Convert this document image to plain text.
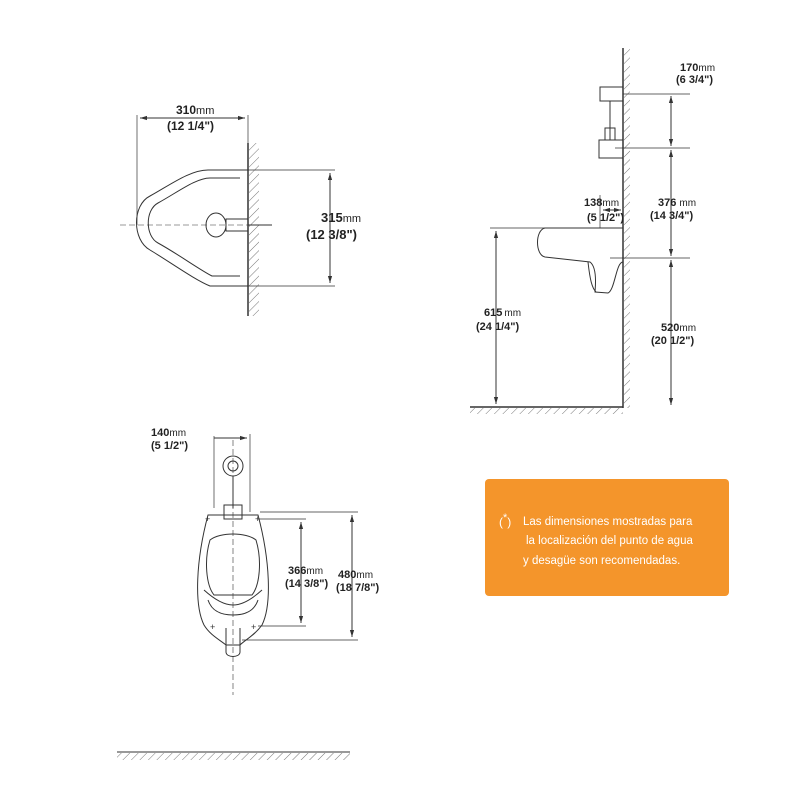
310mm
(12 1/4")
315mm
(12 3/8")
170mm
(6 3/4")
138mm
(5 1/2")
376 mm
(14 3/4")
615 mm
(24 1/4")	520mm
(20 1/2")
+	+
+	+
140mm
(5 1/2")
366mm
(14 3/8")
480mm
(18 7/8")
(*) Las dimensiones mostradas para
la localización del punto de agua
y desagüe son recomendadas.
